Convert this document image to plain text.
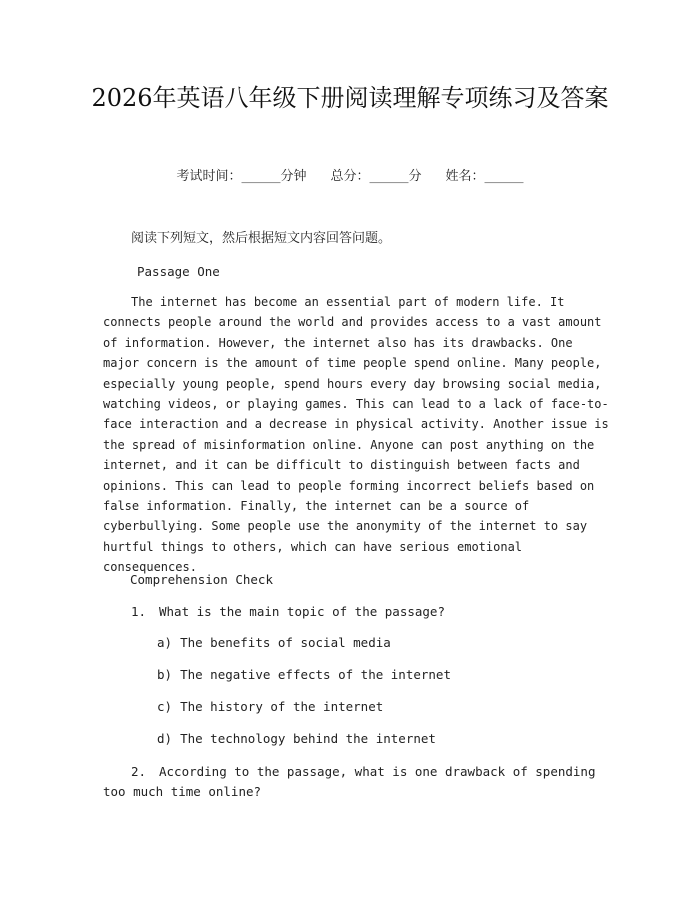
2026年英语八年级下册阅读理解专项练习及答案
考试时间：______分钟 总分：______分 姓名：______
阅读下列短文，然后根据短文内容回答问题。
Passage One

The internet has become an essential part of modern life. It connects people around the world and provides access to a vast amount of information. However, the internet also has its drawbacks. One major concern is the amount of time people spend online. Many people, especially young people, spend hours every day browsing social media, watching videos, or playing games. This can lead to a lack of face-to-face interaction and a decrease in physical activity. Another issue is the spread of misinformation online. Anyone can post anything on the internet, and it can be difficult to distinguish between facts and opinions. This can lead to people forming incorrect beliefs based on false information. Finally, the internet can be a source of cyberbullying. Some people use the anonymity of the internet to say hurtful things to others, which can have serious emotional consequences.

Comprehension Check
1. What is the main topic of the passage?
a) The benefits of social media
b) The negative effects of the internet
c) The history of the internet
d) The technology behind the internet
2. According to the passage, what is one drawback of spending too much time online?
